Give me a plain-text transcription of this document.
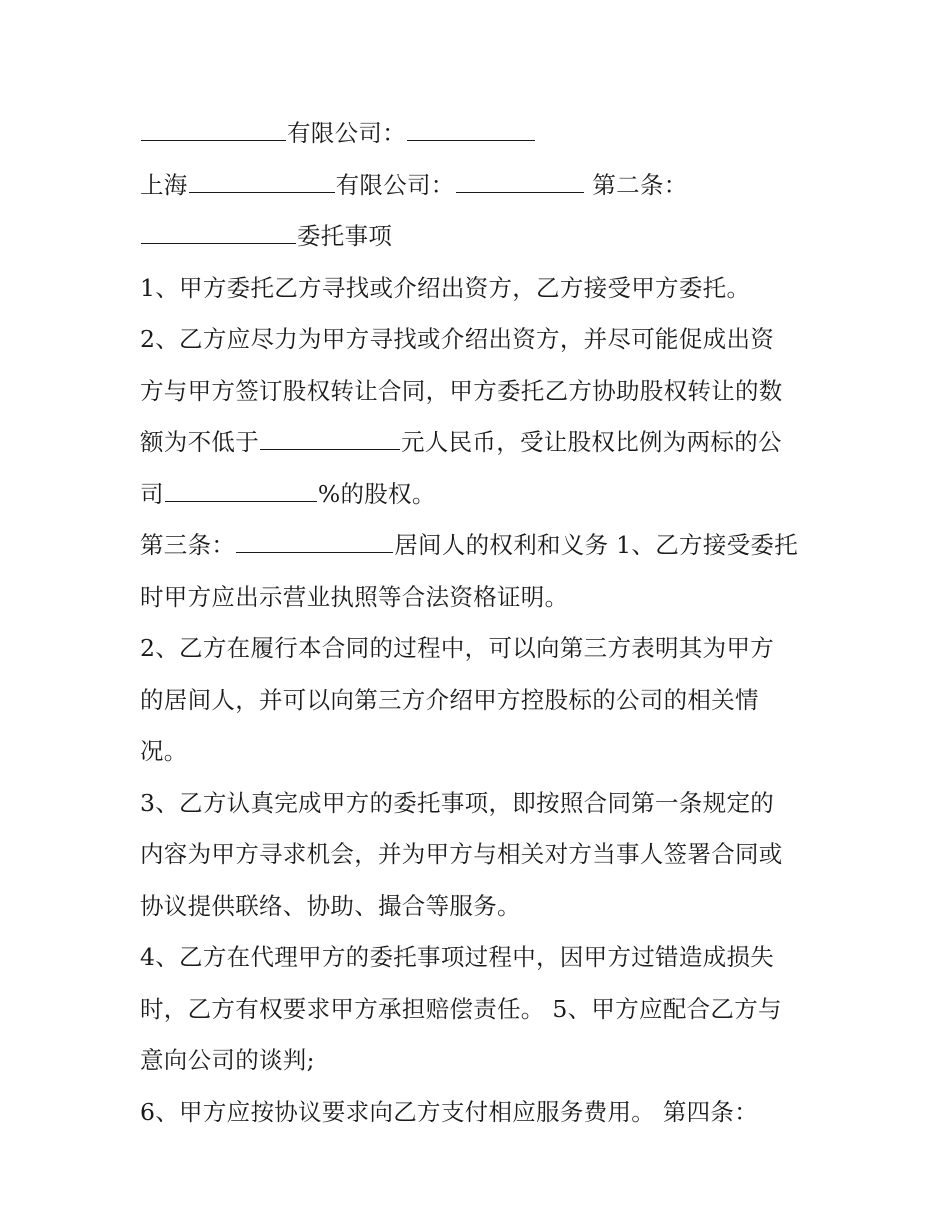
有限公司：
上海	有限公司：	第二条：
委托事项
1、甲方委托乙方寻找或介绍出资方，乙方接受甲方委托。
2、乙方应尽力为甲方寻找或介绍出资方，并尽可能促成出资
方与甲方签订股权转让合同，甲方委托乙方协助股权转让的数
额为不低于	元人民币，受让股权比例为两标的公
司	%的股权。
第三条：	居间人的权利和义务 1、乙方接受委托
时甲方应出示营业执照等合法资格证明。
2、乙方在履行本合同的过程中，可以向第三方表明其为甲方
的居间人，并可以向第三方介绍甲方控股标的公司的相关情
况。
3、乙方认真完成甲方的委托事项，即按照合同第一条规定的
内容为甲方寻求机会，并为甲方与相关对方当事人签署合同或
协议提供联络、协助、撮合等服务。
4、乙方在代理甲方的委托事项过程中，因甲方过错造成损失
时，乙方有权要求甲方承担赔偿责任。 5、甲方应配合乙方与
意向公司的谈判;
6、甲方应按协议要求向乙方支付相应服务费用。 第四条：
